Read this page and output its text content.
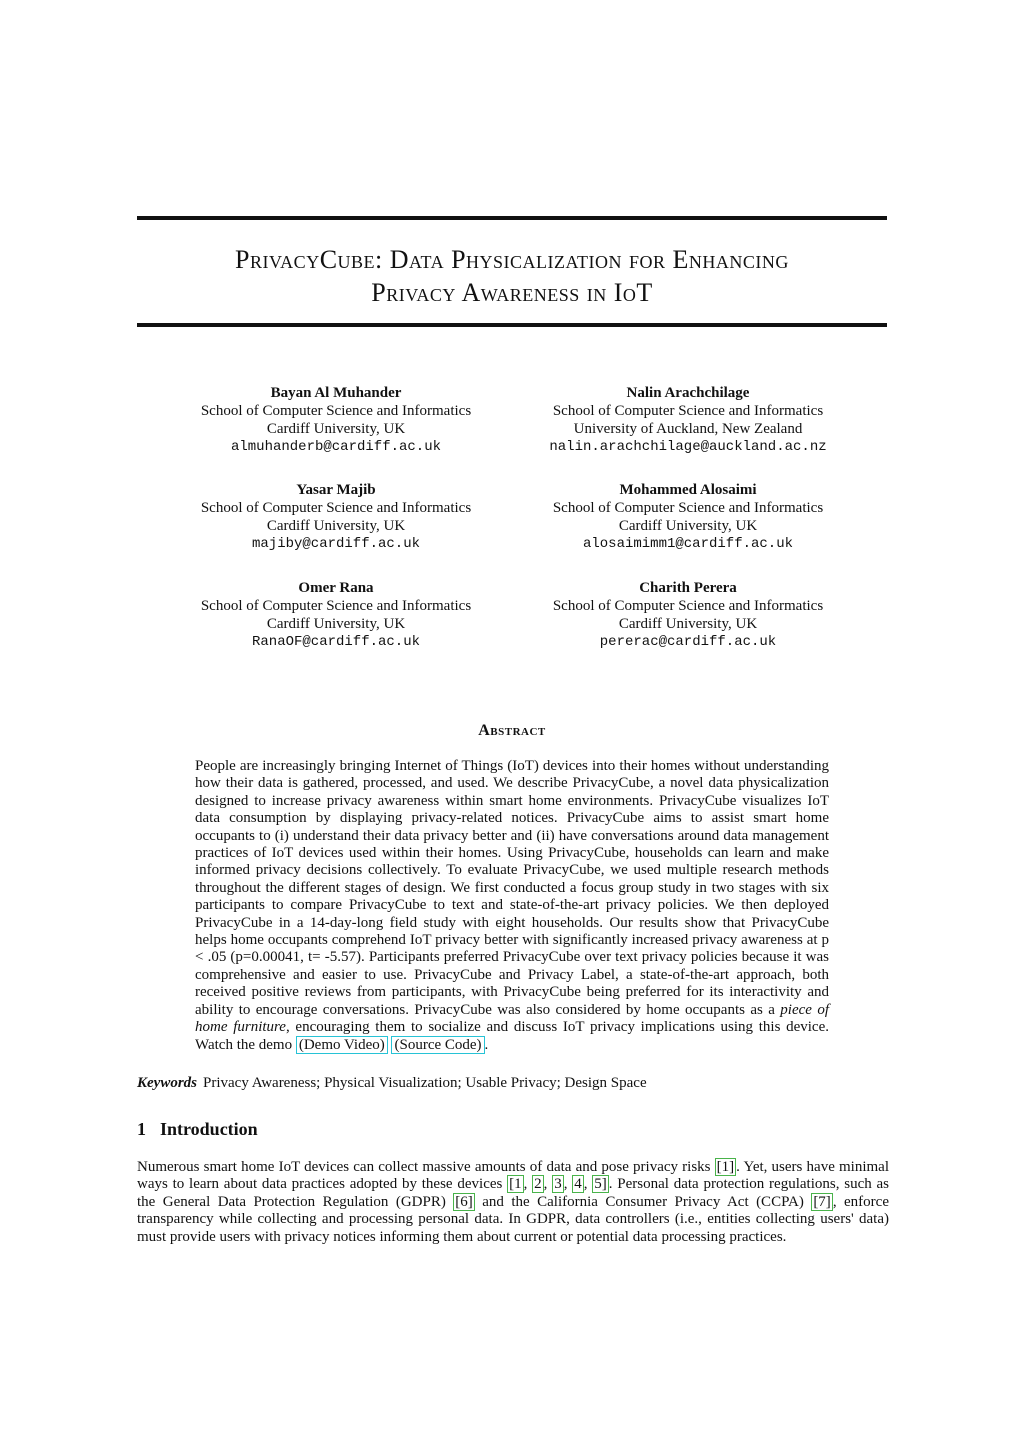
PrivacyCube: Data Physicalization for Enhancing
Privacy Awareness in IoT
Bayan Al Muhander
School of Computer Science and Informatics
Cardiff University, UK
almuhanderb@cardiff.ac.uk
Nalin Arachchilage
School of Computer Science and Informatics
University of Auckland, New Zealand
nalin.arachchilage@auckland.ac.nz
Yasar Majib
School of Computer Science and Informatics
Cardiff University, UK
majiby@cardiff.ac.uk
Mohammed Alosaimi
School of Computer Science and Informatics
Cardiff University, UK
alosaimimm1@cardiff.ac.uk
Omer Rana
School of Computer Science and Informatics
Cardiff University, UK
RanaOF@cardiff.ac.uk
Charith Perera
School of Computer Science and Informatics
Cardiff University, UK
pererac@cardiff.ac.uk
Abstract
People are increasingly bringing Internet of Things (IoT) devices into their homes without understanding how their data is gathered, processed, and used. We describe PrivacyCube, a novel data physicalization designed to increase privacy awareness within smart home environments. PrivacyCube visualizes IoT data consumption by displaying privacy-related notices. PrivacyCube aims to assist smart home occupants to (i) understand their data privacy better and (ii) have conversations around data management practices of IoT devices used within their homes. Using PrivacyCube, households can learn and make informed privacy decisions collectively. To evaluate PrivacyCube, we used multiple research methods throughout the different stages of design. We first conducted a focus group study in two stages with six participants to compare PrivacyCube to text and state-of-the-art privacy policies. We then deployed PrivacyCube in a 14-day-long field study with eight households. Our results show that PrivacyCube helps home occupants comprehend IoT privacy better with significantly increased privacy awareness at p < .05 (p=0.00041, t= -5.57). Participants preferred PrivacyCube over text privacy policies because it was comprehensive and easier to use. PrivacyCube and Privacy Label, a state-of-the-art approach, both received positive reviews from participants, with PrivacyCube being preferred for its interactivity and ability to encourage conversations. PrivacyCube was also considered by home occupants as a piece of home furniture, encouraging them to socialize and discuss IoT privacy implications using this device. Watch the demo (Demo Video) (Source Code) .
Keywords Privacy Awareness; Physical Visualization; Usable Privacy; Design Space
1 Introduction
Numerous smart home IoT devices can collect massive amounts of data and pose privacy risks [1] . Yet, users have minimal ways to learn about data practices adopted by these devices [1 , 2 , 3 , 4 , 5] . Personal data protection regulations, such as the General Data Protection Regulation (GDPR) [6] and the California Consumer Privacy Act (CCPA) [7] , enforce transparency while collecting and processing personal data. In GDPR, data controllers (i.e., entities collecting users' data) must provide users with privacy notices informing them about current or potential data processing practices.
